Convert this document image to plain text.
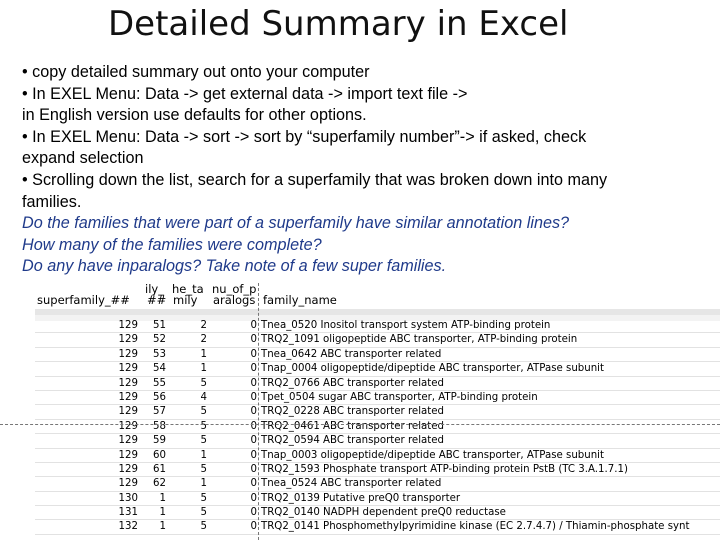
Detailed Summary in Excel
• copy detailed summary out onto your computer
• In EXEL Menu: Data -> get external data -> import text file ->
in English version use defaults for other options.
• In EXEL Menu: Data -> sort -> sort by “superfamily number”-> if asked, check
expand selection
• Scrolling down the list, search for a superfamily that was broken down into many
families.
Do the families that were part of a superfamily have similar annotation lines?
How many of the families were complete?
Do any have inparalogs? Take note of a few super families.
ily_ he_ta nu_of_p
superfamily_## ## mily aralogs family_name
129 51	2	0 Tnea_0520 Inositol transport system ATP-binding protein
129 52	2	0 TRQ2_1091 oligopeptide ABC transporter, ATP-binding protein
129 53	1	0 Tnea_0642 ABC transporter related
129 54	1	0 Tnap_0004 oligopeptide/dipeptide ABC transporter, ATPase subunit
129 55	5	0 TRQ2_0766 ABC transporter related
129 56	4	0 Tpet_0504 sugar ABC transporter, ATP-binding protein
129 57	5	0 TRQ2_0228 ABC transporter related
129 58	5	0 TRQ2_0461 ABC transporter related
129 59	5	0 TRQ2_0594 ABC transporter related
129 60	1	0 Tnap_0003 oligopeptide/dipeptide ABC transporter, ATPase subunit
129 61	5	0 TRQ2_1593 Phosphate transport ATP-binding protein PstB (TC 3.A.1.7.1)
129 62	1	0 Tnea_0524 ABC transporter related
130 1	5	0 TRQ2_0139 Putative preQ0 transporter
131 1	5	0 TRQ2_0140 NADPH dependent preQ0 reductase
132 1	5	0 TRQ2_0141 Phosphomethylpyrimidine kinase (EC 2.7.4.7) / Thiamin-phosphate synt
